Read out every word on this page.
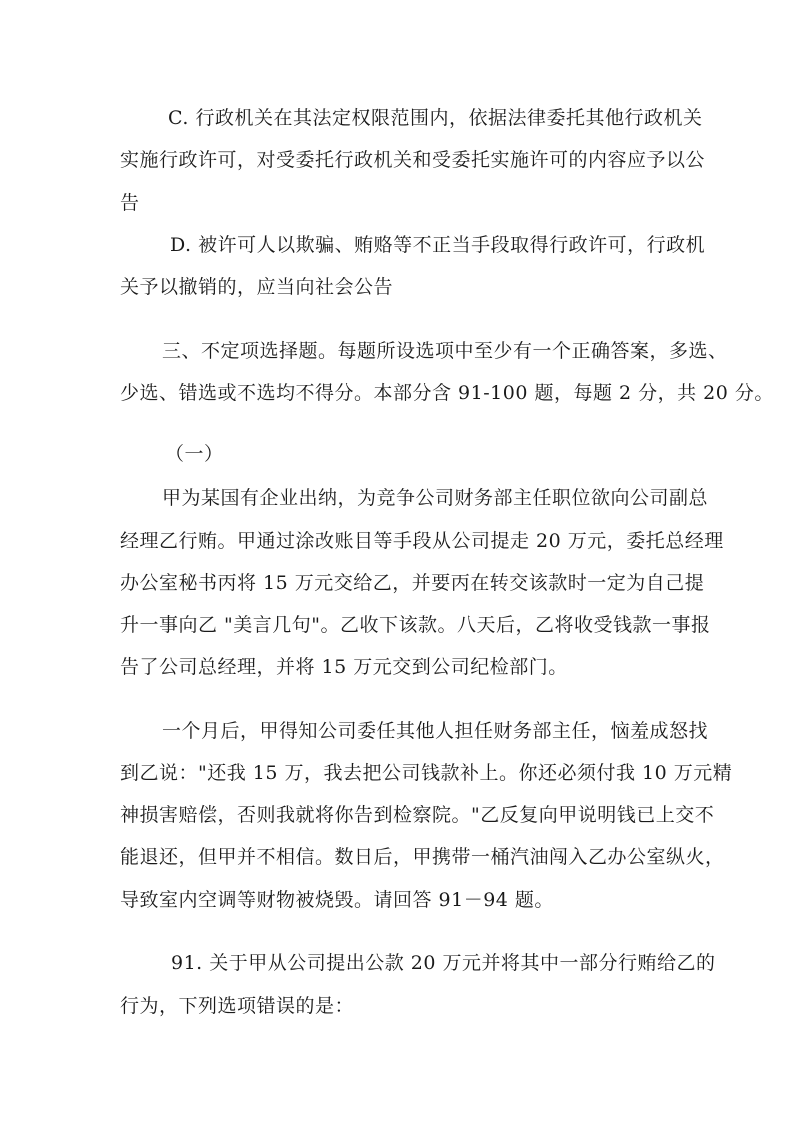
C. 行政机关在其法定权限范围内，依据法律委托其他行政机关
实施行政许可，对受委托行政机关和受委托实施许可的内容应予以公
告
D. 被许可人以欺骗、贿赂等不正当手段取得行政许可，行政机
关予以撤销的，应当向社会公告
三、不定项选择题。每题所设选项中至少有一个正确答案，多选、
少选、错选或不选均不得分。本部分含 91-100 题，每题 2 分，共 20 分。
（一）
甲为某国有企业出纳，为竞争公司财务部主任职位欲向公司副总
经理乙行贿。甲通过涂改账目等手段从公司提走 20 万元，委托总经理
办公室秘书丙将 15 万元交给乙，并要丙在转交该款时一定为自己提
升一事向乙 "美言几句"。乙收下该款。八天后，乙将收受钱款一事报
告了公司总经理，并将 15 万元交到公司纪检部门。
一个月后，甲得知公司委任其他人担任财务部主任，恼羞成怒找
到乙说："还我 15 万，我去把公司钱款补上。你还必须付我 10 万元精
神损害赔偿，否则我就将你告到检察院。"乙反复向甲说明钱已上交不
能退还，但甲并不相信。数日后，甲携带一桶汽油闯入乙办公室纵火，
导致室内空调等财物被烧毁。请回答 91－94 题。
91. 关于甲从公司提出公款 20 万元并将其中一部分行贿给乙的
行为，下列选项错误的是：
